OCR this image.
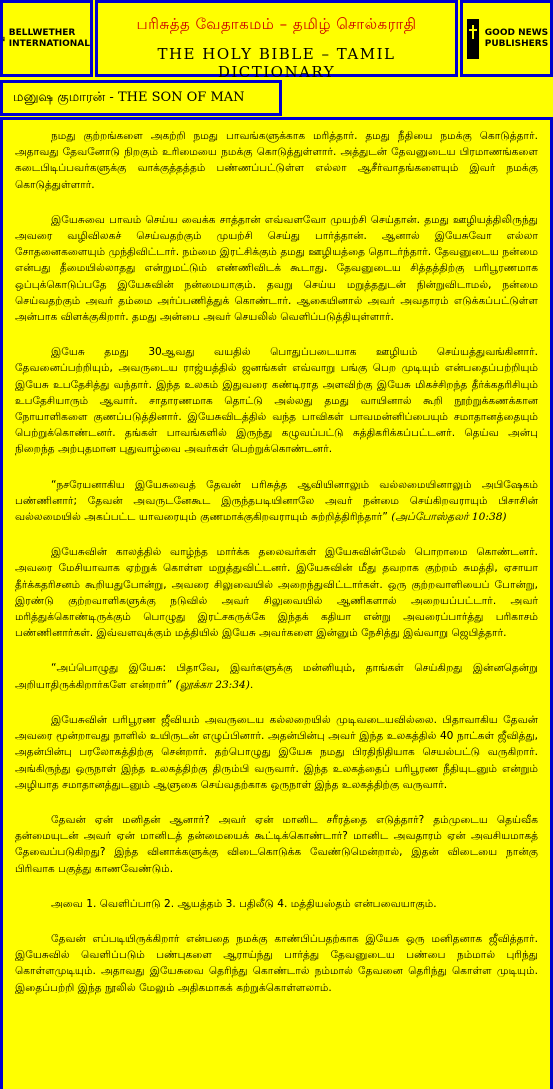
BELLWETHER
INTERNATIONAL
பரிசுத்த வேதாகமம் – தமிழ் சொல்கராதி
THE HOLY BIBLE – TAMIL DICTIONARY
GOOD NEWS
PUBLISHERS
மனுஷ குமாரன் - THE SON OF MAN

நமது குற்றங்களை அகற்றி நமது பாவங்களுக்காக மரித்தார். தமது நீதியை நமக்கு கொடுத்தார். அதாவது தேவனோடு நிறகும் உரிமையை நமக்கு கொடுத்துள்ளார். அத்துடன் தேவனுடைய பிரமாணங்களை கடைபிடிப்பவர்களுக்கு வாக்குத்தத்தம் பண்ணப்பட்டுள்ள எல்லா ஆசீர்வாதங்களையும் இவர் நமக்கு கொடுத்துள்ளார்.

இயேசுவை பாவம் செய்ய வைக்க சாத்தான் எவ்வளவோ முயற்சி செய்தான். தமது ஊழியத்திலிருந்து அவரை வழிவிலகச் செய்வதற்கும் முயற்சி செய்து பார்த்தான். ஆனால் இயேசுவோ எல்லா சோதனைகளையும் முந்திவிட்டார். நம்மை இரட்சிக்கும் தமது ஊழியத்தை தொடர்ந்தார். தேவனுடைய நன்மை என்பது தீமையில்லாதது என்றுமட்டும் எண்ணிவிடக் கூடாது. தேவனுடைய சித்தத்திற்கு பரிபூரணமாக ஒப்புக்கொடுப்பதே இயேசுவின் நன்மையாகும். தவறு செய்ய மறுத்ததுடன் நின்றுவிடாமல், நன்மை செய்வதற்கும் அவர் தம்மை அர்ப்பணித்துக் கொண்டார். ஆகையினால் அவர் அவதாரம் எடுக்கப்பட்டுள்ள அன்பாக விளக்குகிறார். தமது அன்பை அவர் செயலில் வெளிப்படுத்தியுள்ளார்.

இயேசு தமது 30ஆவது வயதில் பொதுப்படையாக ஊழியம் செய்யத்துவங்கினார். தேவனைப்பற்றியும், அவருடைய ராஜ்யத்தில் ஜனங்கள் எவ்வாறு பங்கு பெற முடியும் என்பதைப்பற்றியும் இயேசு உபதேசித்து வந்தார். இந்த உலகம் இதுவரை கண்டிராத அளவிற்கு இயேசு மிகச்சிறந்த தீர்க்கதரிசியும் உபதேசியாரும் ஆவார். சாதாரணமாக தொட்டு அல்லது தமது வாயினால் கூறி நூற்றுக்கணக்கான நோயாளிகளை குணப்படுத்தினார். இயேசுவிடத்தில் வந்த பாவிகள் பாவமன்னிப்பையும் சமாதானத்தையும் பெற்றுக்கொண்டனர். தங்கள் பாவங்களில் இருந்து கழுவப்பட்டு சுத்திகரிக்கப்பட்டனர். தெய்வ அன்பு நிறைந்த அற்புதமான புதுவாழ்வை அவர்கள் பெற்றுக்கொண்டனர்.

“நசரேயனாகிய இயேசுவைத் தேவன் பரிசுத்த ஆவியினாலும் வல்லமையினாலும் அபிஷேகம் பண்ணினார்; தேவன் அவருடனேகூட இருந்தபடியினாலே அவர் நன்மை செய்கிறவராயும் பிசாசின் வல்லமையில் அகப்பட்ட யாவரையும் குணமாக்குகிறவராயும் சுற்றித்திரிந்தார்” (அப்போஸ்தலர் 10:38)

இயேசுவின் காலத்தில் வாழ்ந்த மார்க்க தலைவர்கள் இயேசுவின்மேல் பொறாமை கொண்டனர். அவரை மேசியாவாக ஏற்றுக் கொள்ள மறுத்துவிட்டனர். இயேசுவின் மீது தவறாக குற்றம் சுமத்தி, ஏசாயா தீர்க்கதரிசனம் கூறியதுபோன்று, அவரை சிலுவையில் அறைந்துவிட்டார்கள். ஒரு குற்றவாளியைப் போன்று, இரண்டு குற்றவாளிகளுக்கு நடுவில் அவர் சிலுவையில் ஆணிகளால் அறையப்பட்டார். அவர் மரித்துக்கொண்டிருக்கும் பொழுது இரட்சகருக்கே இந்தக் கதியா என்று அவரைப்பார்த்து பரிகாசம் பண்ணினார்கள். இவ்வளவுக்கும் மத்தியில் இயேசு அவர்களை இன்னும் நேசித்து இவ்வாறு ஜெபித்தார்.

“அப்பொழுது இயேசு: பிதாவே, இவர்களுக்கு மன்னியும், தாங்கள் செய்கிறது இன்னதென்று அறியாதிருக்கிறார்களே என்றார்” (லூக்கா 23:34).

இயேசுவின் பரிபூரண ஜீவியம் அவருடைய கல்லறையில் முடிவடையவில்லை. பிதாவாகிய தேவன் அவரை மூன்றாவது நாளில் உயிருடன் எழுப்பினார். அதன்பின்பு அவர் இந்த உலகத்தில் 40 நாட்கள் ஜீவித்து, அதன்பின்பு பரலோகத்திற்கு சென்றார். தற்பொழுது இயேசு நமது பிரதிநிதியாக செயல்பட்டு வருகிறார். அங்கிருந்து ஒருநாள் இந்த உலகத்திற்கு திரும்பி வருவார். இந்த உலகத்தைப் பரிபூரண நீதியுடனும் என்றும் அழியாத சமாதானத்துடனும் ஆளுகை செய்வதற்காக ஒருநாள் இந்த உலகத்திற்கு வருவார்.

தேவன் ஏன் மனிதன் ஆனார்? அவர் ஏன் மானிட சரீரத்தை எடுத்தார்? தம்முடைய தெய்வீக தன்மையுடன் அவர் ஏன் மானிடத் தன்மையைக் கூட்டிக்கொண்டார்? மானிட அவதாரம் ஏன் அவசியமாகத் தேவைப்படுகிறது? இந்த வினாக்களுக்கு விடைகொடுக்க வேண்டுமென்றால், இதன் விடையை நான்கு பிரிவாக பகுத்து காணவேண்டும்.

அவை 1. வெளிப்பாடு 2. ஆயத்தம் 3. பதிலீடு 4. மத்தியஸ்தம் என்பவையாகும்.

தேவன் எப்படியிருக்கிறார் என்பதை நமக்கு காண்பிப்பதற்காக இயேசு ஒரு மனிதனாக ஜீவித்தார். இயேசுவில் வெளிப்படும் பண்புகளை ஆராய்ந்து பார்த்து தேவனுடைய பண்பை நம்மால் புரிந்து கொள்ளமுடியும். அதாவது இயேசுவை தெரிந்து கொண்டால் நம்மால் தேவனை தெரிந்து கொள்ள முடியும். இதைப்பற்றி இந்த நூலில் மேலும் அதிகமாகக் கற்றுக்கொள்ளலாம்.
